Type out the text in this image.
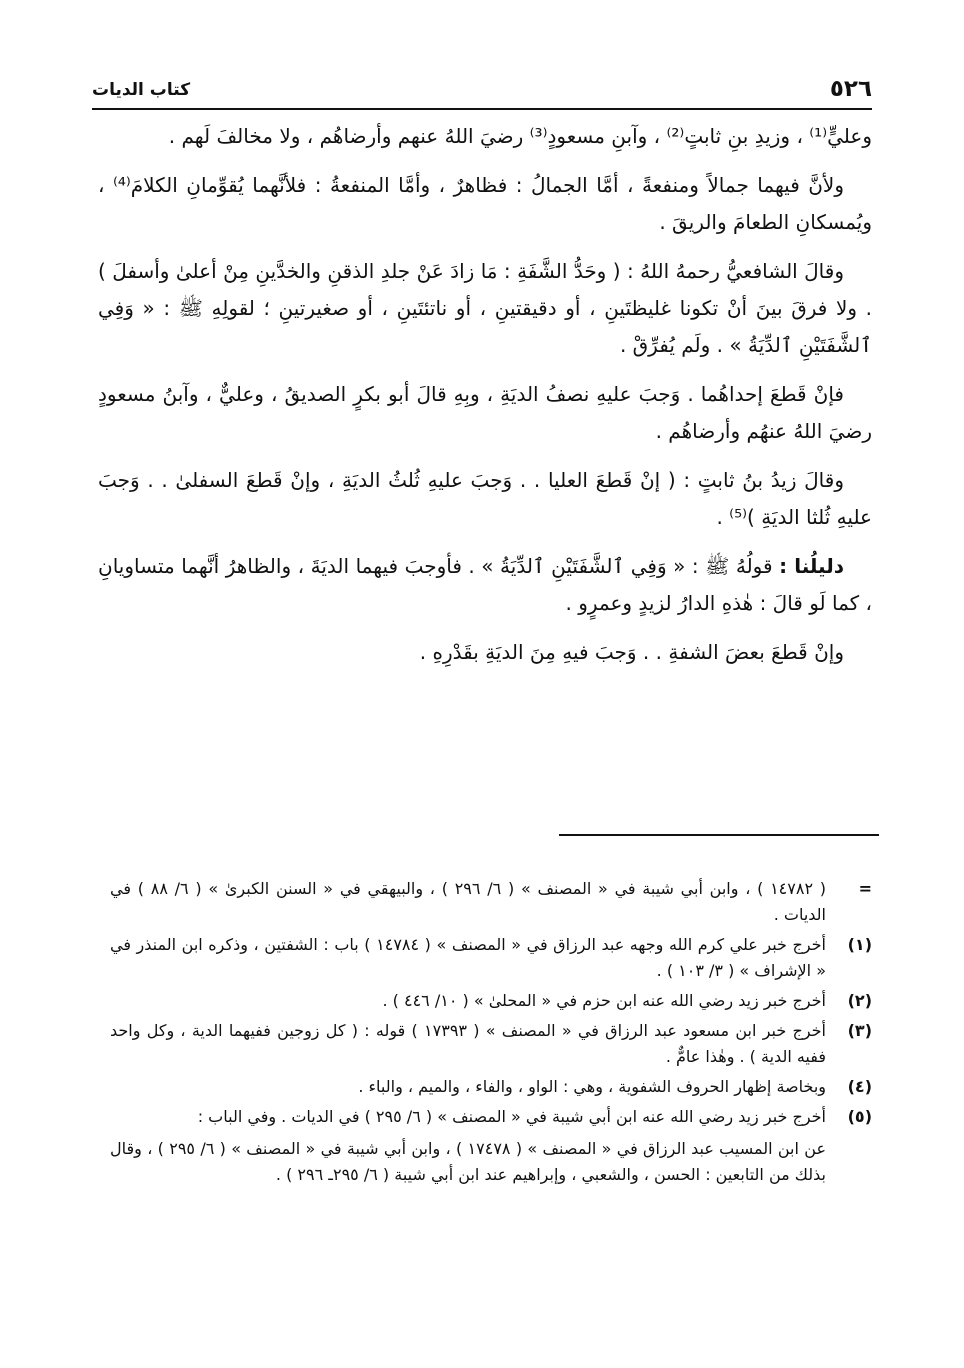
٥٢٦
كتاب الديات

وعليٍّ⁽¹⁾ ، وزيدِ بنِ ثابتٍ⁽²⁾ ، وآبنِ مسعودٍ⁽³⁾ رضيَ اللهُ عنهم وأرضاهُم ، ولا مخالفَ لَهم .

ولأنَّ فيهما جمالاً ومنفعةً ، أمَّا الجمالُ : فظاهرٌ ، وأمَّا المنفعةُ : فلأنَّهما يُقوِّمانِ الكلامَ⁽⁴⁾ ، ويُمسكانِ الطعامَ والريقَ .

وقالَ الشافعيُّ رحمهُ اللهُ : ( وحَدُّ الشَّفَةِ : مَا زادَ عَنْ جلدِ الذقنِ والخدَّينِ مِنْ أعلىٰ وأسفلَ ) . ولا فرقَ بينَ أنْ تكونا غليظتَينِ ، أو دقيقتينِ ، أو ناتئتَينِ ، أو صغيرتينِ ؛ لقولِهِ ﷺ : « وَفِي ٱلشَّفَتَيْنِ ٱلدِّيَةُ » . ولَم يُفرِّقْ .

فإنْ قَطعَ إحداهُما . وَجبَ عليهِ نصفُ الديَةِ ، وبِهِ قالَ أبو بكرٍ الصديقُ ، وعليٌّ ، وآبنُ مسعودٍ رضيَ اللهُ عنهُم وأرضاهُم .

وقالَ زيدُ بنُ ثابتٍ : ( إنْ قَطعَ العليا . . وَجبَ عليهِ ثُلثُ الديَةِ ، وإنْ قَطعَ السفلىٰ . . وَجبَ عليهِ ثُلثا الديَةِ )⁽⁵⁾ .

دليلُنا : قولُهُ ﷺ : « وَفِي ٱلشَّفَتَيْنِ ٱلدِّيَةُ » . فأوجبَ فيهما الديَةَ ، والظاهرُ أنَّهما متساويانِ ، كما لَو قالَ : هٰذهِ الدارُ لزيدٍ وعمرٍو .

وإنْ قَطعَ بعضَ الشفةِ . . وَجبَ فيهِ مِنَ الديَةِ بقَدْرِهِ .

=
( ١٤٧٨٢ ) ، وابن أبي شيبة في « المصنف » ( ٦/ ٢٩٦ ) ، والبيهقي في « السنن الكبرىٰ » ( ٦/ ٨٨ ) في الديات .
(١)
أخرج خبر علي كرم الله وجهه عبد الرزاق في « المصنف » ( ١٤٧٨٤ ) باب : الشفتين ، وذكره ابن المنذر في « الإشراف » ( ٣/ ١٠٣ ) .
(٢)
أخرج خبر زيد رضي الله عنه ابن حزم في « المحلىٰ » ( ١٠/ ٤٤٦ ) .
(٣)
أخرج خبر ابن مسعود عبد الرزاق في « المصنف » ( ١٧٣٩٣ ) قوله : ( كل زوجين ففيهما الدية ، وكل واحد ففيه الدية ) . وهٰذا عامٌّ .
(٤)
وبخاصة إظهار الحروف الشفوية ، وهي : الواو ، والفاء ، والميم ، والباء .
(٥)
أخرج خبر زيد رضي الله عنه ابن أبي شيبة في « المصنف » ( ٦/ ٢٩٥ ) في الديات . وفي الباب :
عن ابن المسيب عبد الرزاق في « المصنف » ( ١٧٤٧٨ ) ، وابن أبي شيبة في « المصنف » ( ٦/ ٢٩٥ ) ، وقال بذلك من التابعين : الحسن ، والشعبي ، وإبراهيم عند ابن أبي شيبة ( ٦/ ٢٩٥ـ ٢٩٦ ) .
